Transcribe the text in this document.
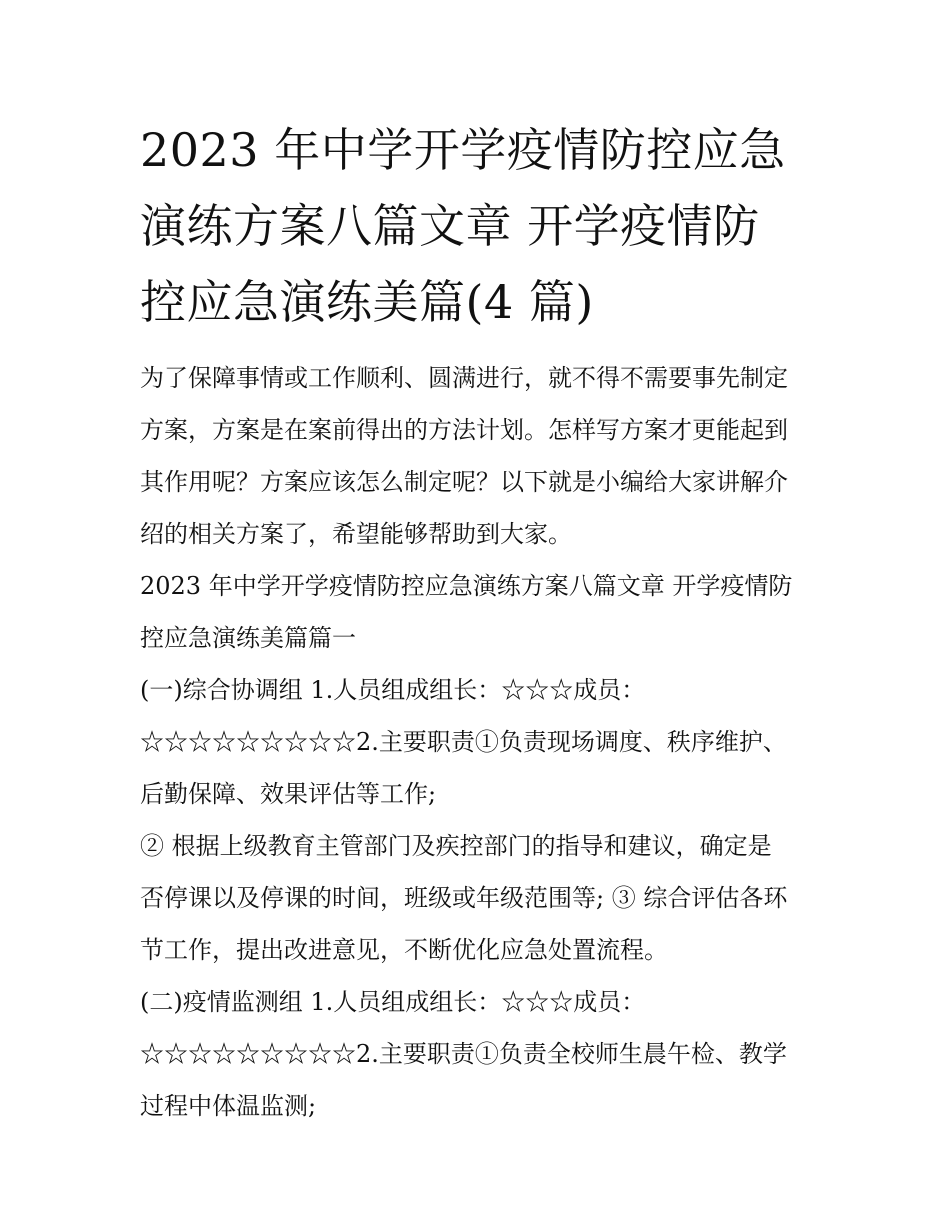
2023 年中学开学疫情防控应急
演练方案八篇文章 开学疫情防
控应急演练美篇(4 篇)

为了保障事情或工作顺利、圆满进行，就不得不需要事先制定

方案，方案是在案前得出的方法计划。怎样写方案才更能起到

其作用呢？方案应该怎么制定呢？以下就是小编给大家讲解介

绍的相关方案了，希望能够帮助到大家。

2023 年中学开学疫情防控应急演练方案八篇文章 开学疫情防

控应急演练美篇篇一

(一)综合协调组 1.人员组成组长：☆☆☆成员：

☆☆☆☆☆☆☆☆☆2.主要职责①负责现场调度、秩序维护、

后勤保障、效果评估等工作;

② 根据上级教育主管部门及疾控部门的指导和建议，确定是

否停课以及停课的时间，班级或年级范围等; ③ 综合评估各环

节工作，提出改进意见，不断优化应急处置流程。

(二)疫情监测组 1.人员组成组长：☆☆☆成员：

☆☆☆☆☆☆☆☆☆2.主要职责①负责全校师生晨午检、教学

过程中体温监测;
